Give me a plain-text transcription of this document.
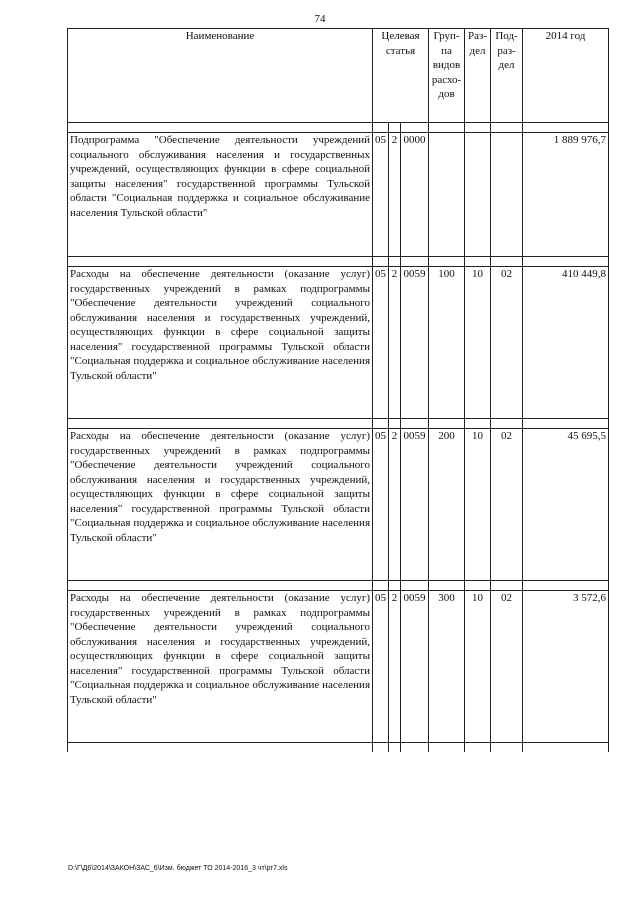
74
Наименование	Целевая статья			Груп-па видов расхо-дов	Раз-дел	Под-раз-дел	2014 год

Подпрограмма "Обеспечение деятельности учреждений социального обслуживания населения и государственных учреждений, осуществляющих функции в сфере социальной защиты населения" государственной программы Тульской области "Социальная поддержка и социальное обслуживание населения Тульской области"	05	2	0000				1 889 976,7

Расходы на обеспечение деятельности (оказание услуг) государственных учреждений в рамках подпрограммы "Обеспечение деятельности учреждений социального обслуживания населения и государственных учреждений, осуществляющих функции в сфере социальной защиты населения" государственной программы Тульской области "Социальная поддержка и социальное обслуживание населения Тульской области"	05	2	0059	100	10	02	410 449,8

Расходы на обеспечение деятельности (оказание услуг) государственных учреждений в рамках подпрограммы "Обеспечение деятельности учреждений социального обслуживания населения и государственных учреждений, осуществляющих функции в сфере социальной защиты населения" государственной программы Тульской области "Социальная поддержка и социальное обслуживание населения Тульской области"	05	2	0059	200	10	02	45 695,5

Расходы на обеспечение деятельности (оказание услуг) государственных учреждений в рамках подпрограммы "Обеспечение деятельности учреждений социального обслуживания населения и государственных учреждений, осуществляющих функции в сфере социальной защиты населения" государственной программы Тульской области "Социальная поддержка и социальное обслуживание населения Тульской области"	05	2	0059	300	10	02	3 572,6

D:\Г\Д6\2014\ЗАКОН\ЗАС_6\Изм. бюджет ТО 2014-2016_3 чт\рг7.xls
